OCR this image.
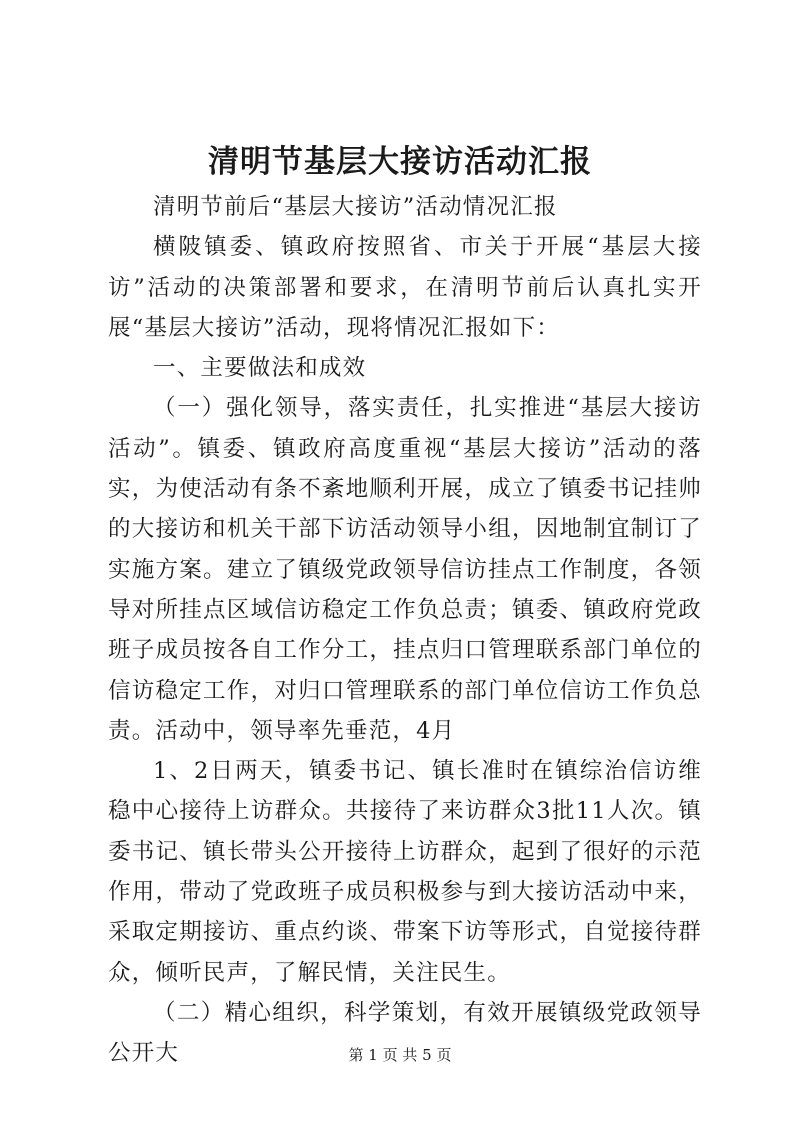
清明节基层大接访活动汇报

清明节前后“基层大接访”活动情况汇报

横陂镇委、镇政府按照省、市关于开展“基层大接访”活动的决策部署和要求，在清明节前后认真扎实开展“基层大接访”活动，现将情况汇报如下：

一、主要做法和成效

（一）强化领导，落实责任，扎实推进“基层大接访活动”。镇委、镇政府高度重视“基层大接访”活动的落实，为使活动有条不紊地顺利开展，成立了镇委书记挂帅的大接访和机关干部下访活动领导小组，因地制宜制订了实施方案。建立了镇级党政领导信访挂点工作制度，各领导对所挂点区域信访稳定工作负总责；镇委、镇政府党政班子成员按各自工作分工，挂点归口管理联系部门单位的信访稳定工作，对归口管理联系的部门单位信访工作负总责。活动中，领导率先垂范，4月

1、2日两天，镇委书记、镇长准时在镇综治信访维稳中心接待上访群众。共接待了来访群众3批11人次。镇委书记、镇长带头公开接待上访群众，起到了很好的示范作用，带动了党政班子成员积极参与到大接访活动中来，采取定期接访、重点约谈、带案下访等形式，自觉接待群众，倾听民声，了解民情，关注民生。

（二）精心组织，科学策划，有效开展镇级党政领导公开大	第 1 页 共 5 页
